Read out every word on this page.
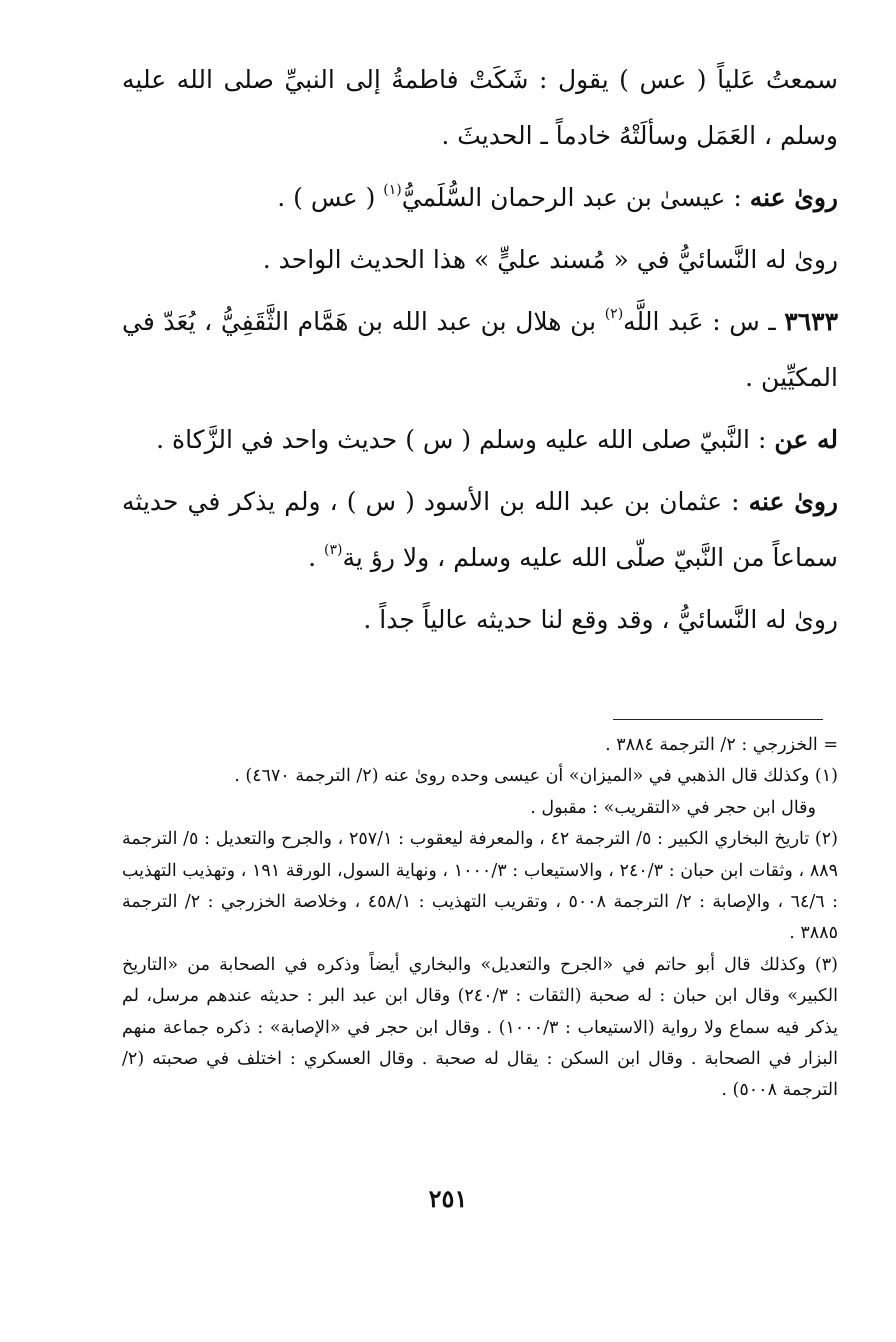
سمعتُ عَلياً ( عس ) يقول : شَكَتْ فاطمةُ إلى النبيِّ صلى الله عليه وسلم ، العَمَل وسألَتْهُ خادماً ـ الحديثَ .

روىٰ عنه : عيسىٰ بن عبد الرحمان السُّلَميُّ$^{(١)}$ ( عس ) .

روىٰ له النَّسائيُّ في « مُسند عليٍّ » هذا الحديث الواحد .

٣٦٣٣ ـ س : عَبد اللَّه$^{(٢)}$ بن هلال بن عبد الله بن هَمَّام الثَّقَفِيُّ ، يُعَدّ في المكيِّين .

له عن : النَّبيّ صلى الله عليه وسلم ( س ) حديث واحد في الزَّكاة .

روىٰ عنه : عثمان بن عبد الله بن الأسود ( س ) ، ولم يذكر في حديثه سماعاً من النَّبيّ صلّى الله عليه وسلم ، ولا رؤ ية$^{(٣)}$ .

روىٰ له النَّسائيُّ ، وقد وقع لنا حديثه عالياً جداً .

= الخزرجي : ٢/ الترجمة ٣٨٨٤ .

(١) وكذلك قال الذهبي في «الميزان» أن عيسى وحده روىٰ عنه (٢/ الترجمة ٤٦٧٠) .

وقال ابن حجر في «التقريب» : مقبول .

(٢) تاريخ البخاري الكبير : ٥/ الترجمة ٤٢ ، والمعرفة ليعقوب : ٢٥٧/١ ، والجرح والتعديل : ٥/ الترجمة ٨٨٩ ، وثقات ابن حبان : ٢٤٠/٣ ، والاستيعاب : ١٠٠٠/٣ ، ونهاية السول، الورقة ١٩١ ، وتهذيب التهذيب : ٦٤/٦ ، والإصابة : ٢/ الترجمة ٥٠٠٨ ، وتقريب التهذيب : ٤٥٨/١ ، وخلاصة الخزرجي : ٢/ الترجمة ٣٨٨٥ .

(٣) وكذلك قال أبو حاتم في «الجرح والتعديل» والبخاري أيضاً وذكره في الصحابة من «التاريخ الكبير» وقال ابن حبان : له صحبة (الثقات : ٢٤٠/٣) وقال ابن عبد البر : حديثه عندهم مرسل، لم يذكر فيه سماع ولا رواية (الاستيعاب : ١٠٠٠/٣) . وقال ابن حجر في «الإصابة» : ذكره جماعة منهم البزار في الصحابة . وقال ابن السكن : يقال له صحبة . وقال العسكري : اختلف في صحبته (٢/ الترجمة ٥٠٠٨) .

٢٥١
